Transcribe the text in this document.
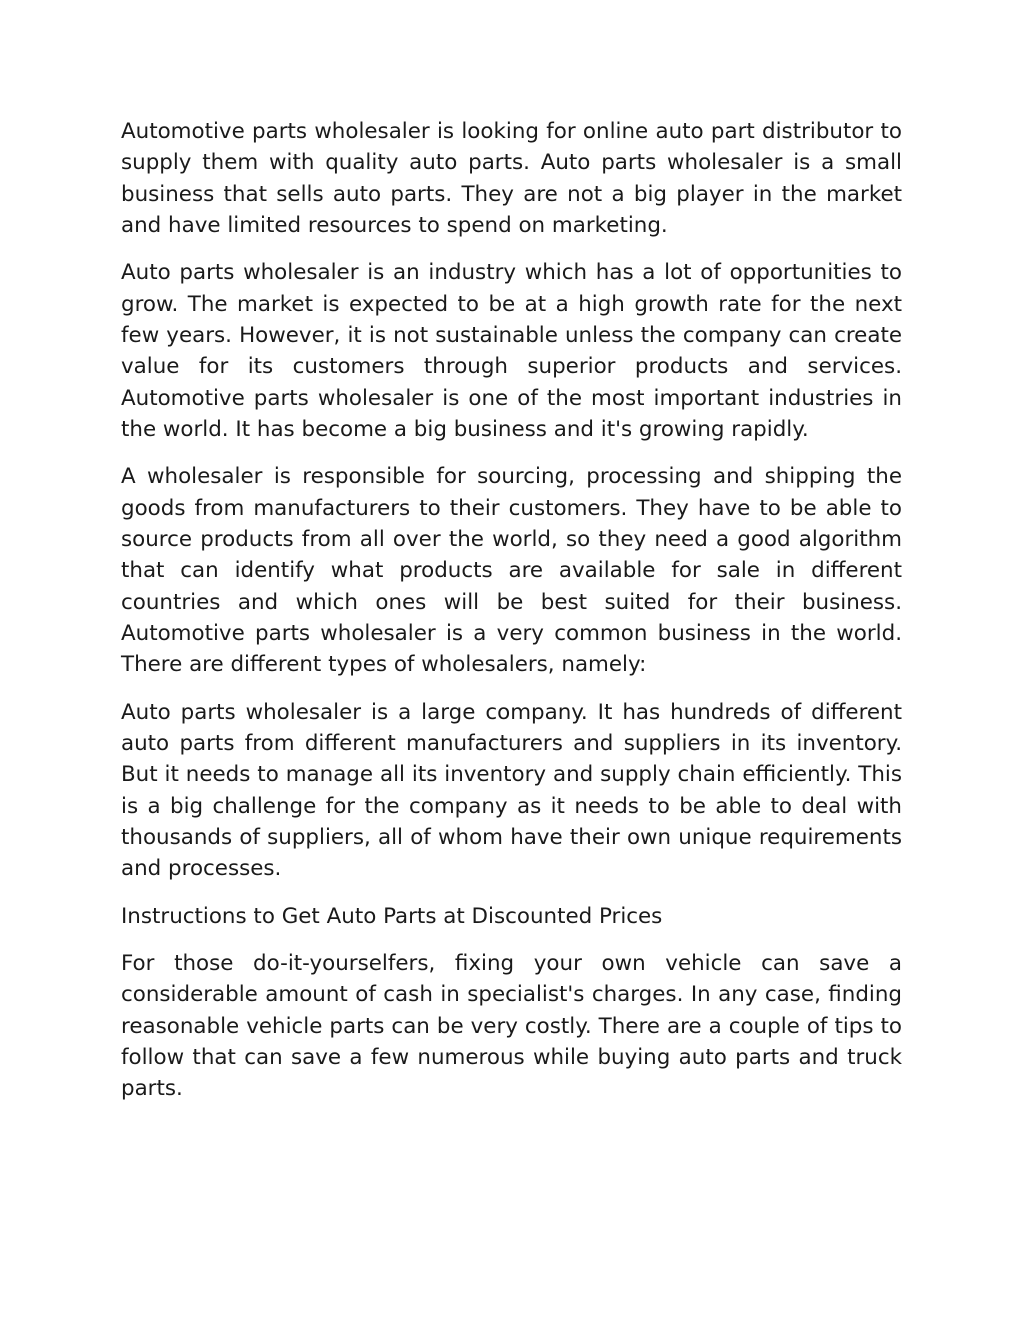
Automotive parts wholesaler is looking for online auto part distributor to supply them with quality auto parts. Auto parts wholesaler is a small business that sells auto parts. They are not a big player in the market and have limited resources to spend on marketing.

Auto parts wholesaler is an industry which has a lot of opportunities to grow. The market is expected to be at a high growth rate for the next few years. However, it is not sustainable unless the company can create value for its customers through superior products and services. Automotive parts wholesaler is one of the most important industries in the world. It has become a big business and it's growing rapidly.

A wholesaler is responsible for sourcing, processing and shipping the goods from manufacturers to their customers. They have to be able to source products from all over the world, so they need a good algorithm that can identify what products are available for sale in different countries and which ones will be best suited for their business. Automotive parts wholesaler is a very common business in the world. There are different types of wholesalers, namely:

Auto parts wholesaler is a large company. It has hundreds of different auto parts from different manufacturers and suppliers in its inventory. But it needs to manage all its inventory and supply chain efficiently. This is a big challenge for the company as it needs to be able to deal with thousands of suppliers, all of whom have their own unique requirements and processes.

Instructions to Get Auto Parts at Discounted Prices

For those do-it-yourselfers, fixing your own vehicle can save a considerable amount of cash in specialist's charges. In any case, finding reasonable vehicle parts can be very costly. There are a couple of tips to follow that can save a few numerous while buying auto parts and truck parts.
